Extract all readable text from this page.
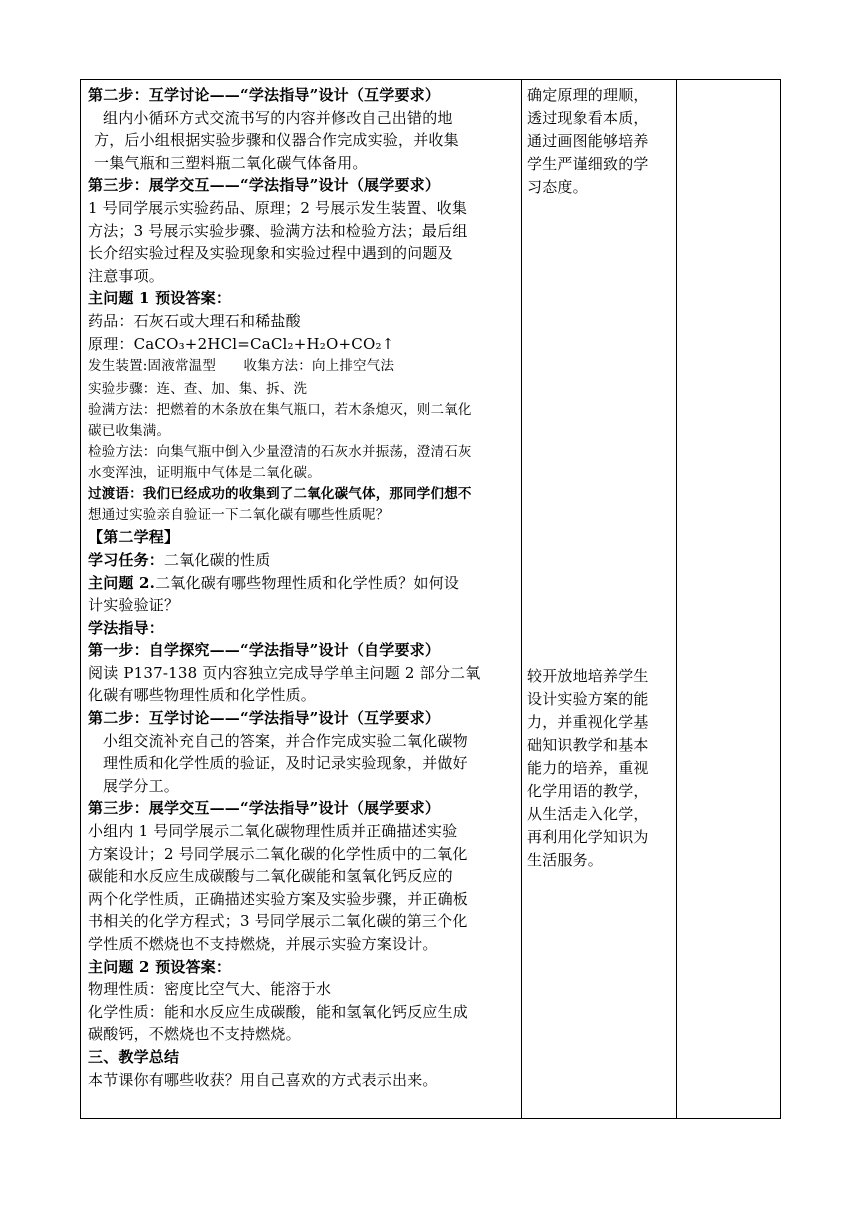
第二步：互学讨论——“学法指导”设计（互学要求）
组内小循环方式交流书写的内容并修改自己出错的地
方，后小组根据实验步骤和仪器合作完成实验，并收集
一集气瓶和三塑料瓶二氧化碳气体备用。
第三步：展学交互——“学法指导”设计（展学要求）
1 号同学展示实验药品、原理；2 号展示发生装置、收集
方法；3 号展示实验步骤、验满方法和检验方法；最后组
长介绍实验过程及实验现象和实验过程中遇到的问题及
注意事项。
主问题 1 预设答案：
药品：石灰石或大理石和稀盐酸
原理：CaCO₃+2HCl=CaCl₂+H₂O+CO₂↑
发生装置:固液常温型　　收集方法：向上排空气法
实验步骤：连、查、加、集、拆、洗
验满方法：把燃着的木条放在集气瓶口，若木条熄灭，则二氧化
碳已收集满。
检验方法：向集气瓶中倒入少量澄清的石灰水并振荡，澄清石灰
水变浑浊，证明瓶中气体是二氧化碳。
过渡语：我们已经成功的收集到了二氧化碳气体，那同学们想不
想通过实验亲自验证一下二氧化碳有哪些性质呢？
【第二学程】
学习任务：二氧化碳的性质
主问题 2.二氧化碳有哪些物理性质和化学性质？如何设
计实验验证？
学法指导：
第一步：自学探究——“学法指导”设计（自学要求）
阅读 P137-138 页内容独立完成导学单主问题 2 部分二氧
化碳有哪些物理性质和化学性质。
第二步：互学讨论——“学法指导”设计（互学要求）
小组交流补充自己的答案，并合作完成实验二氧化碳物
理性质和化学性质的验证，及时记录实验现象，并做好
展学分工。
第三步：展学交互——“学法指导”设计（展学要求）
小组内 1 号同学展示二氧化碳物理性质并正确描述实验
方案设计；2 号同学展示二氧化碳的化学性质中的二氧化
碳能和水反应生成碳酸与二氧化碳能和氢氧化钙反应的
两个化学性质，正确描述实验方案及实验步骤，并正确板
书相关的化学方程式；3 号同学展示二氧化碳的第三个化
学性质不燃烧也不支持燃烧，并展示实验方案设计。
主问题 2 预设答案：
物理性质：密度比空气大、能溶于水
化学性质：能和水反应生成碳酸，能和氢氧化钙反应生成
碳酸钙，不燃烧也不支持燃烧。
三、教学总结
本节课你有哪些收获？用自己喜欢的方式表示出来。
确定原理的理顺，
透过现象看本质，
通过画图能够培养
学生严谨细致的学
习态度。
较开放地培养学生
设计实验方案的能
力，并重视化学基
础知识教学和基本
能力的培养，重视
化学用语的教学，
从生活走入化学，
再利用化学知识为
生活服务。
